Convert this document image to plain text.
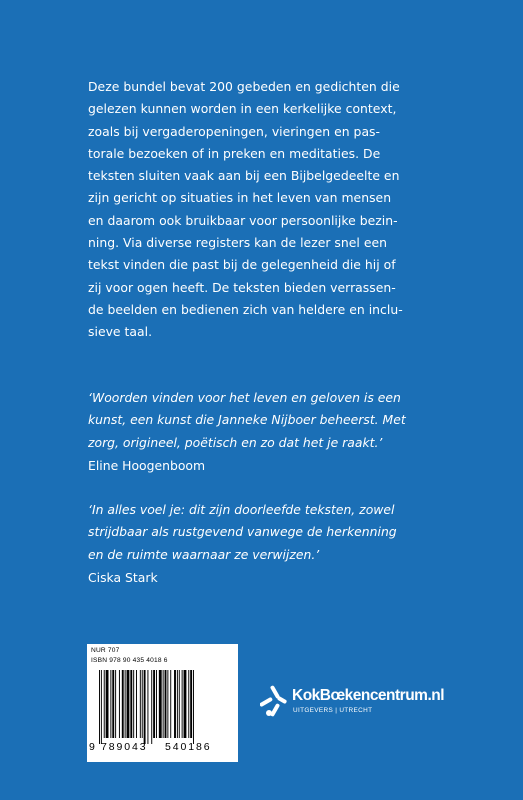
Deze bundel bevat 200 gebeden en gedichten die
gelezen kunnen worden in een kerkelijke context,
zoals bij vergaderopeningen, vieringen en pas-
torale bezoeken of in preken en meditaties. De
teksten sluiten vaak aan bij een Bijbelgedeelte en
zijn gericht op situaties in het leven van mensen
en daarom ook bruikbaar voor persoonlijke bezin-
ning. Via diverse registers kan de lezer snel een
tekst vinden die past bij de gelegenheid die hij of
zij voor ogen heeft. De teksten bieden verrassen-
de beelden en bedienen zich van heldere en inclu-
sieve taal.
‘Woorden vinden voor het leven en geloven is een
kunst, een kunst die Janneke Nijboer beheerst. Met
zorg, origineel, poëtisch en zo dat het je raakt.’
Eline Hoogenboom
‘In alles voel je: dit zijn doorleefde teksten, zowel
strijdbaar als rustgevend vanwege de herkenning
en de ruimte waarnaar ze verwijzen.’
Ciska Stark
NUR 707
ISBN 978 90 435 4018 6
9 789043 540186
KokBœkencentrum.nl
UITGEVERS | UTRECHT
